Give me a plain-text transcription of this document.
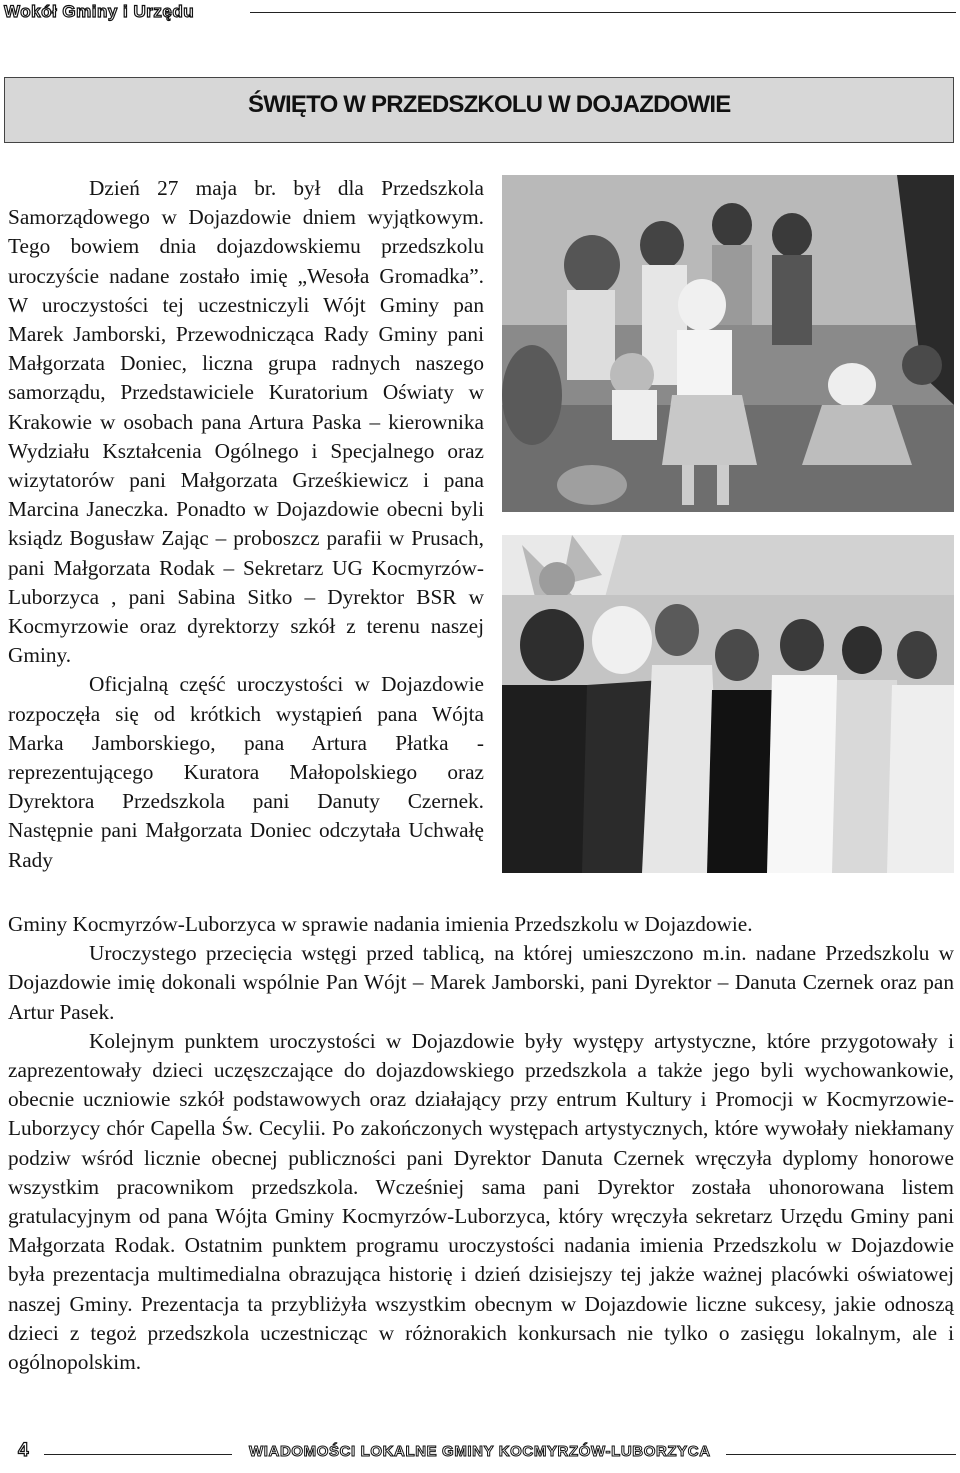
Wokół Gminy i Urzędu
ŚWIĘTO W PRZEDSZKOLU W DOJAZDOWIE

Dzień 27 maja br. był dla Przedszkola Samorządowego w Dojazdowie dniem wyjątkowym. Tego bowiem dnia dojazdowskiemu przedszkolu uroczyście nadane zostało imię „Wesoła Gromadka”. W uroczystości tej uczestniczyli Wójt Gminy pan Marek Jamborski, Przewodnicząca Rady Gminy pani Małgorzata Doniec, liczna grupa radnych naszego samorządu, Przedstawiciele Kuratorium Oświaty w Krakowie w osobach pana Artura Paska – kierownika Wydziału Kształcenia Ogólnego i Specjalnego oraz wizytatorów pani Małgorzata Grześkiewicz i pana Marcina Janeczka. Ponadto w Dojazdowie obecni byli ksiądz Bogusław Zając – proboszcz parafii w Prusach, pani Małgorzata Rodak – Sekretarz UG Kocmyrzów-Luborzyca , pani Sabina Sitko – Dyrektor BSR w Kocmyrzowie oraz dyrektorzy szkół z terenu naszej Gminy.

Oficjalną część uroczystości w Dojazdowie rozpoczęła się od krótkich wystąpień pana Wójta Marka Jamborskiego, pana Artura Płatka -reprezentującego Kuratora Małopolskiego oraz Dyrektora Przedszkola pani Danuty Czernek. Następnie pani Małgorzata Doniec odczytała Uchwałę Rady

Gminy Kocmyrzów-Luborzyca w sprawie nadania imienia Przedszkolu w Dojazdowie.

Uroczystego przecięcia wstęgi przed tablicą, na której umieszczono m.in. nadane Przedszkolu w Dojazdowie imię dokonali wspólnie Pan Wójt – Marek Jamborski, pani Dyrektor – Danuta Czernek oraz pan Artur Pasek.

Kolejnym punktem uroczystości w Dojazdowie były występy artystyczne, które przygotowały i zaprezentowały dzieci uczęszczające do dojazdowskiego przedszkola a także jego byli wychowankowie, obecnie uczniowie szkół podstawowych oraz działający przy entrum Kultury i Promocji w Kocmyrzowie-Luborzycy chór Capella Św. Cecylii. Po zakończonych występach artystycznych, które wywołały niekłamany podziw wśród licznie obecnej publiczności pani Dyrektor Danuta Czernek wręczyła dyplomy honorowe wszystkim pracownikom przedszkola. Wcześniej sama pani Dyrektor została uhonorowana listem gratulacyjnym od pana Wójta Gminy Kocmyrzów-Luborzyca, który wręczyła sekretarz Urzędu Gminy pani Małgorzata Rodak. Ostatnim punktem programu uroczystości nadania imienia Przedszkolu w Dojazdowie była prezentacja multimedialna obrazująca historię i dzień dzisiejszy tej jakże ważnej placówki oświatowej naszej Gminy. Prezentacja ta przybliżyła wszystkim obecnym w Dojazdowie liczne sukcesy, jakie odnoszą dzieci z tegoż przedszkola uczestnicząc w różnorakich konkursach nie tylko o zasięgu lokalnym, ale i ogólnopolskim.

4	WIADOMOŚCI LOKALNE GMINY KOCMYRZÓW-LUBORZYCA
